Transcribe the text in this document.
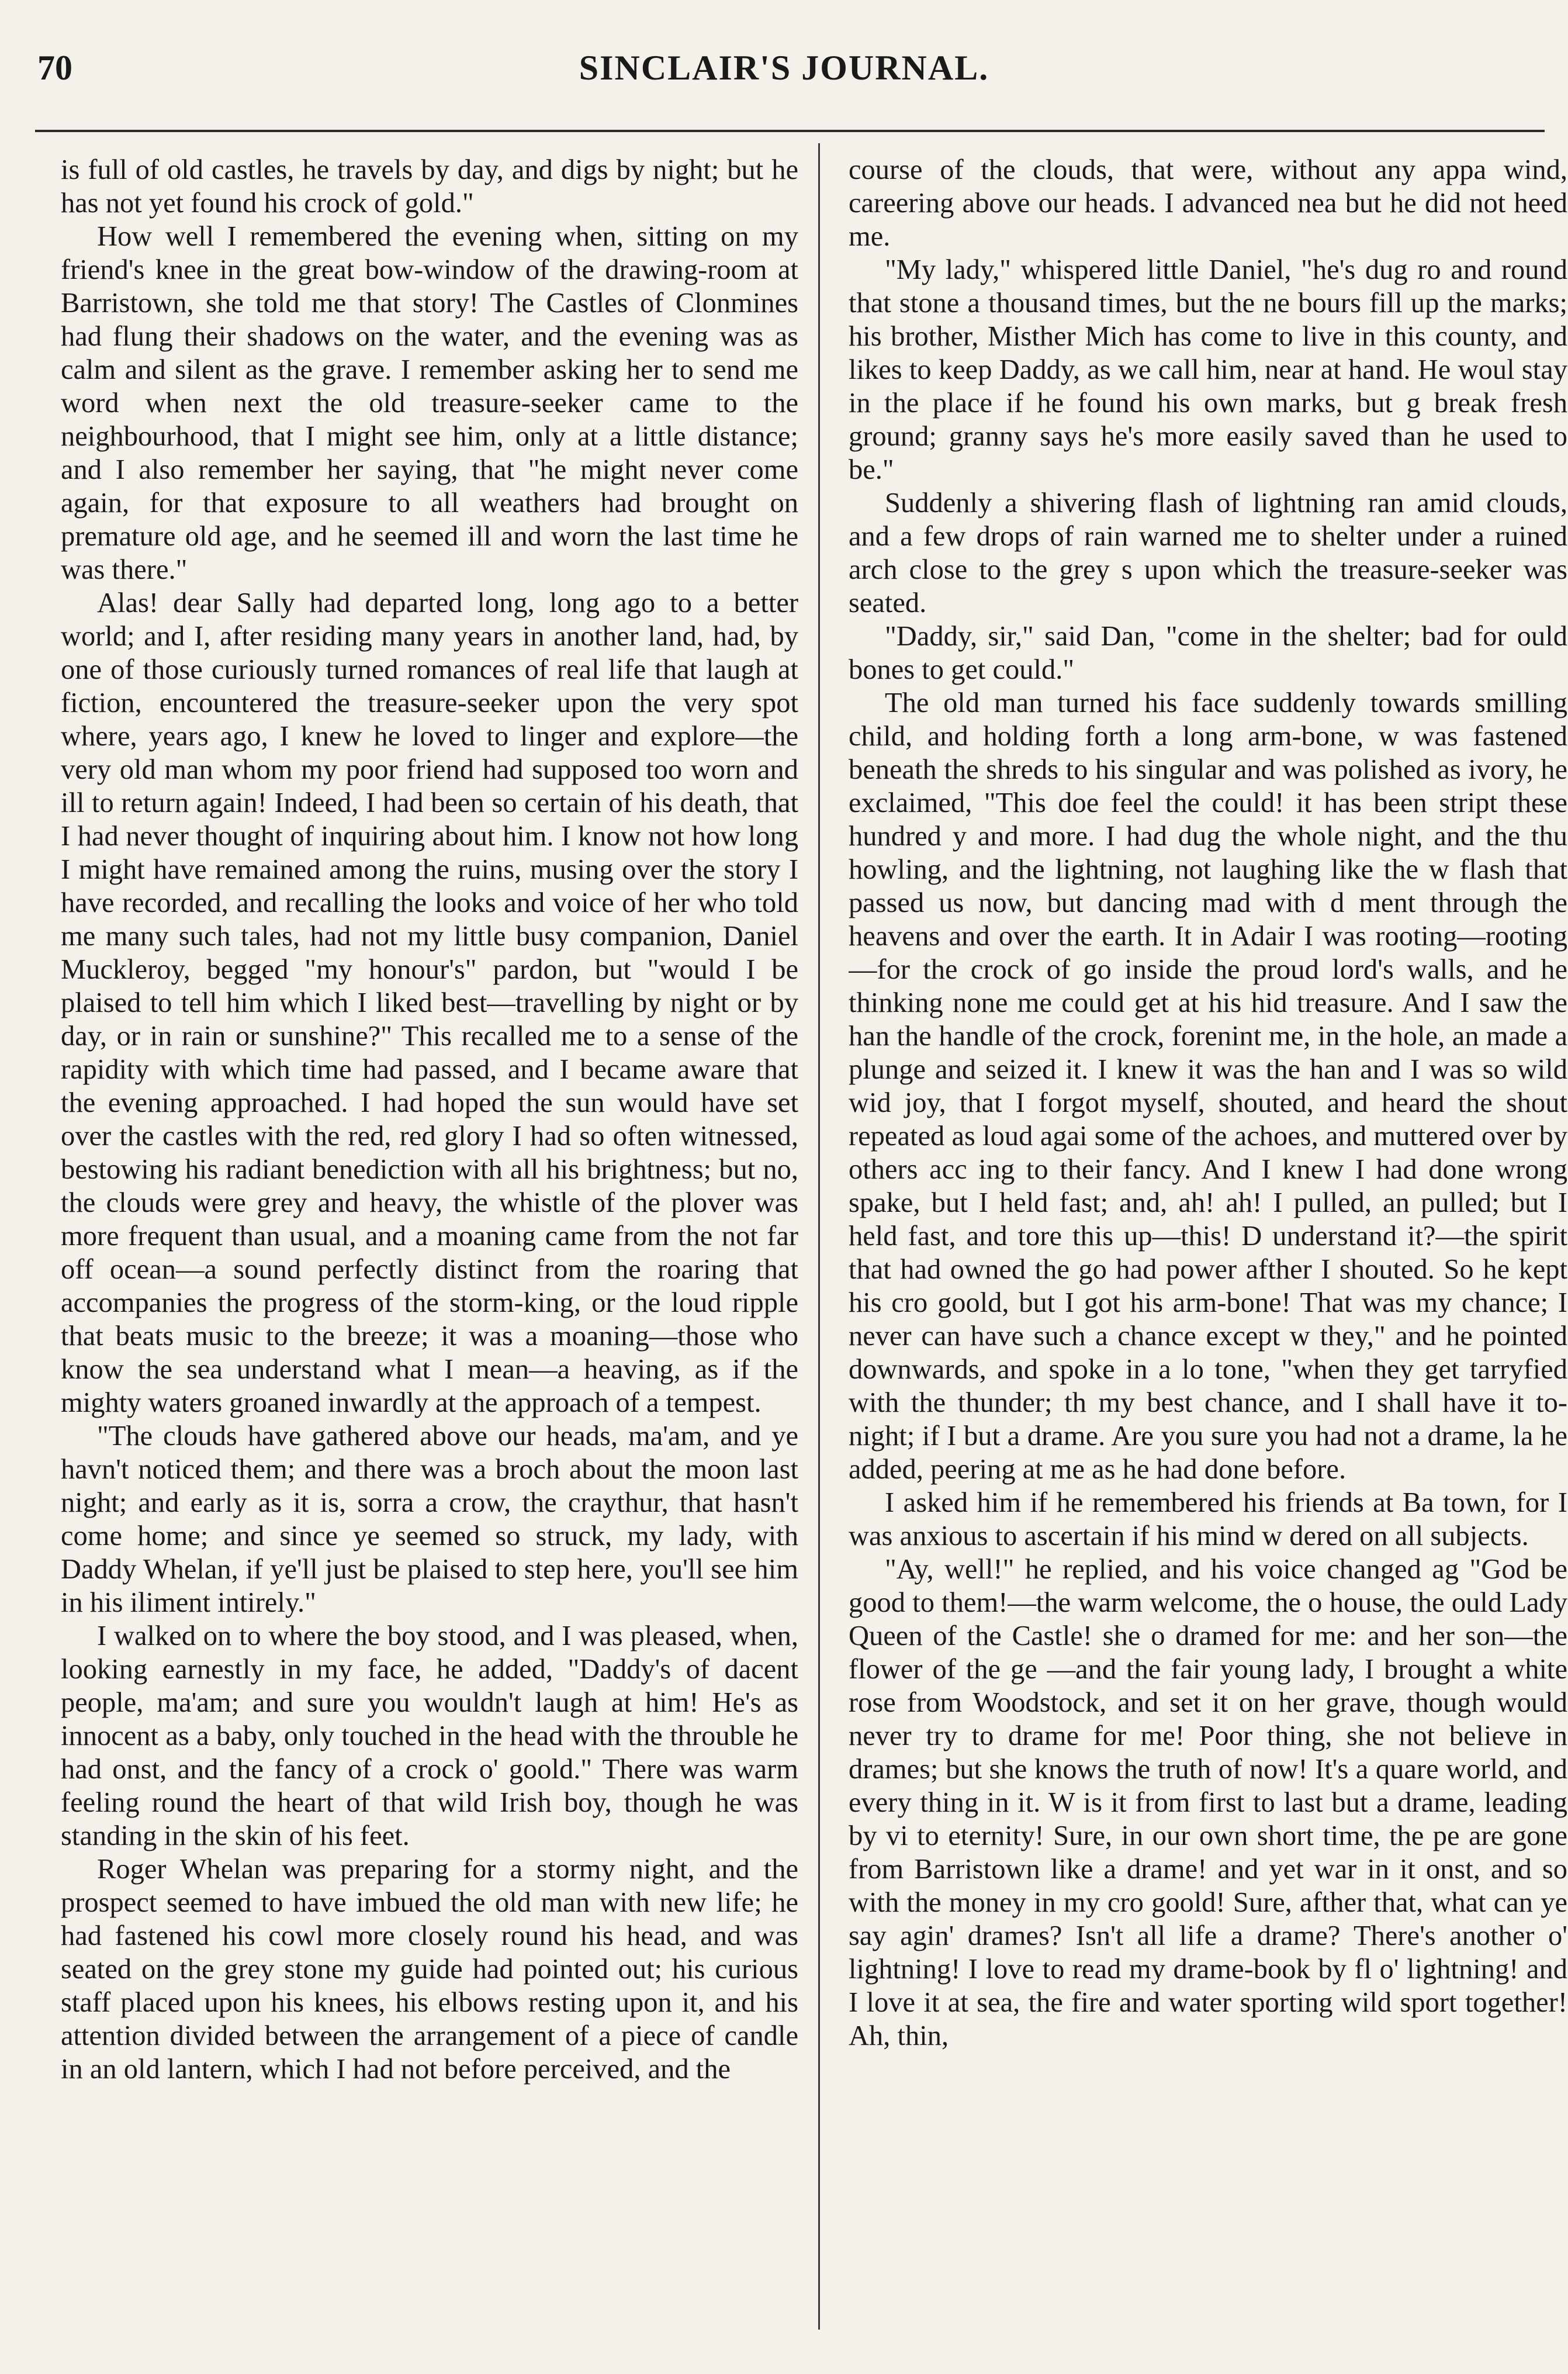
70	SINCLAIR'S JOURNAL.

is full of old castles, he travels by day, and digs by night; but he has not yet found his crock of gold."

How well I remembered the evening when, sitting on my friend's knee in the great bow-window of the drawing-room at Barristown, she told me that story! The Castles of Clonmines had flung their shadows on the water, and the evening was as calm and silent as the grave. I remember asking her to send me word when next the old treasure-seeker came to the neighbourhood, that I might see him, only at a little distance; and I also remember her saying, that "he might never come again, for that exposure to all weathers had brought on premature old age, and he seemed ill and worn the last time he was there."

Alas! dear Sally had departed long, long ago to a better world; and I, after residing many years in another land, had, by one of those curiously turned romances of real life that laugh at fiction, encountered the treasure-seeker upon the very spot where, years ago, I knew he loved to linger and explore—the very old man whom my poor friend had supposed too worn and ill to return again! Indeed, I had been so certain of his death, that I had never thought of inquiring about him. I know not how long I might have remained among the ruins, musing over the story I have recorded, and recalling the looks and voice of her who told me many such tales, had not my little busy companion, Daniel Muckleroy, begged "my honour's" pardon, but "would I be plaised to tell him which I liked best—travelling by night or by day, or in rain or sunshine?" This recalled me to a sense of the rapidity with which time had passed, and I became aware that the evening approached. I had hoped the sun would have set over the castles with the red, red glory I had so often witnessed, bestowing his radiant benediction with all his brightness; but no, the clouds were grey and heavy, the whistle of the plover was more frequent than usual, and a moaning came from the not far off ocean—a sound perfectly distinct from the roaring that accompanies the progress of the storm-king, or the loud ripple that beats music to the breeze; it was a moaning—those who know the sea understand what I mean—a heaving, as if the mighty waters groaned inwardly at the approach of a tempest.

"The clouds have gathered above our heads, ma'am, and ye havn't noticed them; and there was a broch about the moon last night; and early as it is, sorra a crow, the craythur, that hasn't come home; and since ye seemed so struck, my lady, with Daddy Whelan, if ye'll just be plaised to step here, you'll see him in his iliment intirely."

I walked on to where the boy stood, and I was pleased, when, looking earnestly in my face, he added, "Daddy's of dacent people, ma'am; and sure you wouldn't laugh at him! He's as innocent as a baby, only touched in the head with the throuble he had onst, and the fancy of a crock o' goold." There was warm feeling round the heart of that wild Irish boy, though he was standing in the skin of his feet.

Roger Whelan was preparing for a stormy night, and the prospect seemed to have imbued the old man with new life; he had fastened his cowl more closely round his head, and was seated on the grey stone my guide had pointed out; his curious staff placed upon his knees, his elbows resting upon it, and his attention divided between the arrangement of a piece of candle in an old lantern, which I had not before perceived, and the

course of the clouds, that were, without any appa wind, careering above our heads. I advanced nea but he did not heed me.

"My lady," whispered little Daniel, "he's dug ro and round that stone a thousand times, but the ne bours fill up the marks; his brother, Misther Mich has come to live in this county, and likes to keep Daddy, as we call him, near at hand. He woul stay in the place if he found his own marks, but g break fresh ground; granny says he's more easily saved than he used to be."

Suddenly a shivering flash of lightning ran amid clouds, and a few drops of rain warned me to shelter under a ruined arch close to the grey s upon which the treasure-seeker was seated.

"Daddy, sir," said Dan, "come in the shelter; bad for ould bones to get could."

The old man turned his face suddenly towards smilling child, and holding forth a long arm-bone, w was fastened beneath the shreds to his singular and was polished as ivory, he exclaimed, "This doe feel the could! it has been stript these hundred y and more. I had dug the whole night, and the thu howling, and the lightning, not laughing like the w flash that passed us now, but dancing mad with d ment through the heavens and over the earth. It in Adair I was rooting—rooting—for the crock of go inside the proud lord's walls, and he thinking none me could get at his hid treasure. And I saw the han the handle of the crock, forenint me, in the hole, an made a plunge and seized it. I knew it was the han and I was so wild wid joy, that I forgot myself, shouted, and heard the shout repeated as loud agai some of the achoes, and muttered over by others acc ing to their fancy. And I knew I had done wrong spake, but I held fast; and, ah! ah! I pulled, an pulled; but I held fast, and tore this up—this! D understand it?—the spirit that had owned the go had power afther I shouted. So he kept his cro goold, but I got his arm-bone! That was my chance; I never can have such a chance except w they," and he pointed downwards, and spoke in a lo tone, "when they get tarryfied with the thunder; th my best chance, and I shall have it to-night; if I but a drame. Are you sure you had not a drame, la he added, peering at me as he had done before.

I asked him if he remembered his friends at Ba town, for I was anxious to ascertain if his mind w dered on all subjects.

"Ay, well!" he replied, and his voice changed ag "God be good to them!—the warm welcome, the o house, the ould Lady Queen of the Castle! she o dramed for me: and her son—the flower of the ge —and the fair young lady, I brought a white rose from Woodstock, and set it on her grave, though would never try to drame for me! Poor thing, she not believe in drames; but she knows the truth of now! It's a quare world, and every thing in it. W is it from first to last but a drame, leading by vi to eternity! Sure, in our own short time, the pe are gone from Barristown like a drame! and yet war in it onst, and so with the money in my cro goold! Sure, afther that, what can ye say agin' drames? Isn't all life a drame? There's another o' lightning! I love to read my drame-book by fl o' lightning! and I love it at sea, the fire and water sporting wild sport together! Ah, thin,
